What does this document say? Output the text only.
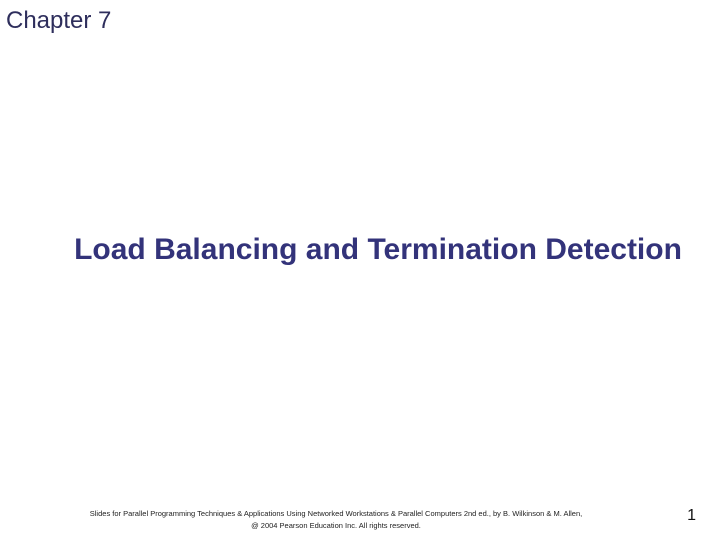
Chapter 7
Load Balancing and Termination Detection
Slides for Parallel Programming Techniques & Applications Using Networked Workstations & Parallel Computers 2nd ed., by B. Wilkinson & M. Allen,
@ 2004 Pearson Education Inc. All rights reserved.
1
